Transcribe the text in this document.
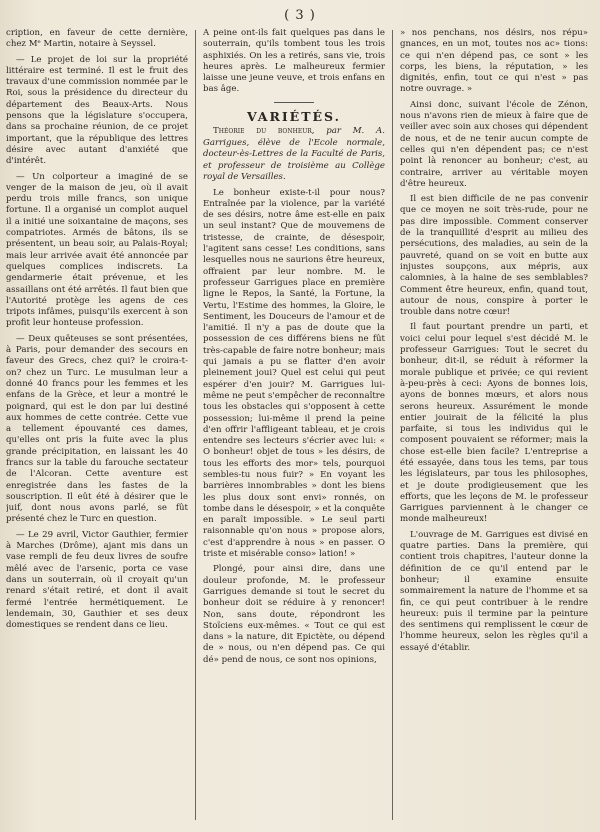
( 3 )

cription, en faveur de cette dernière, chez Mᵉ Martin, notaire à Seyssel.

— Le projet de loi sur la propriété littéraire est terminé. Il est le fruit des travaux d'une commission nommée par le Roi, sous la présidence du directeur du département des Beaux-Arts. Nous pensons que la législature s'occupera, dans sa prochaine réunion, de ce projet important, que la république des lettres désire avec autant d'anxiété que d'intérêt.

— Un colporteur a imaginé de se venger de la maison de jeu, où il avait perdu trois mille francs, son unique fortune. Il a organisé un complot auquel il a initié une soixantaine de maçons, ses compatriotes. Armés de bâtons, ils se présentent, un beau soir, au Palais-Royal; mais leur arrivée avait été annoncée par quelques complices indiscrets. La gendarmerie était prévenue, et les assaillans ont été arrêtés. Il faut bien que l'Autorité protège les agens de ces tripots infâmes, puisqu'ils exercent à son profit leur honteuse profession.

— Deux quêteuses se sont présentées, à Paris, pour demander des secours en faveur des Grecs, chez qui? le croira-t-on? chez un Turc. Le musulman leur a donné 40 francs pour les femmes et les enfans de la Grèce, et leur a montré le poignard, qui est le don par lui destiné aux hommes de cette contrée. Cette vue a tellement épouvanté ces dames, qu'elles ont pris la fuite avec la plus grande précipitation, en laissant les 40 francs sur la table du farouche sectateur de l'Alcoran. Cette aventure est enregistrée dans les fastes de la souscription. Il eût été à désirer que le juif, dont nous avons parlé, se fût présenté chez le Turc en question.

— Le 29 avril, Victor Gauthier, fermier à Marches (Drôme), ajant mis dans un vase rempli de feu deux livres de soufre mêlé avec de l'arsenic, porta ce vase dans un souterrain, où il croyait qu'un renard s'était retiré, et dont il avait fermé l'entrée hermétiquement. Le lendemain, 30, Gauthier et ses deux domestiques se rendent dans ce lieu.

A peine ont-ils fait quelques pas dans le souterrain, qu'ils tombent tous les trois asphixiés. On les a retirés, sans vie, trois heures après. Le malheureux fermier laisse une jeune veuve, et trois enfans en bas âge.

VARIÉTÉS.

Théorie du bonheur, par M. A. Garrigues, élève de l'Ecole normale, docteur-ès-Lettres de la Faculté de Paris, et professeur de troisième au Collège royal de Versailles.

Le bonheur existe-t-il pour nous? Entraînée par la violence, par la variété de ses désirs, notre âme est-elle en paix un seul instant? Que de mouvemens de tristesse, de crainte, de désespoir, l'agitent sans cesse! Les conditions, sans lesquelles nous ne saurions être heureux, offraient par leur nombre. M. le professeur Garrigues place en première ligne le Repos, la Santé, la Fortune, la Vertu, l'Estime des hommes, la Gloire, le Sentiment, les Douceurs de l'amour et de l'amitié. Il n'y a pas de doute que la possession de ces différens biens ne fût très-capable de faire notre bonheur; mais qui jamais a pu se flatter d'en avoir pleinement joui? Quel est celui qui peut espérer d'en jouir? M. Garrigues lui-même ne peut s'empêcher de reconnaître tous les obstacles qui s'opposent à cette possession; lui-même il prend la peine d'en offrir l'affligeant tableau, et je crois entendre ses lecteurs s'écrier avec lui: « O bonheur! objet de tous » les désirs, de tous les efforts des mor» tels, pourquoi sembles-tu nous fuir? » En voyant les barrières innombrables » dont les biens les plus doux sont envi» ronnés, on tombe dans le désespoir, » et la conquête en paraît impossible. » Le seul parti raisonnable qu'on nous » propose alors, c'est d'apprendre à nous » en passer. O triste et misérable conso» lation! »

Plongé, pour ainsi dire, dans une douleur profonde, M. le professeur Garrigues demande si tout le secret du bonheur doit se réduire à y renoncer! Non, sans doute, répondront les Stoïciens eux-mêmes. « Tout ce qui est dans » la nature, dit Epictète, ou dépend de » nous, ou n'en dépend pas. Ce qui dé» pend de nous, ce sont nos opinions,

» nos penchans, nos désirs, nos répu» gnances, en un mot, toutes nos ac» tions: ce qui n'en dépend pas, ce sont » les corps, les biens, la réputation, » les dignités, enfin, tout ce qui n'est » pas notre ouvrage. »

Ainsi donc, suivant l'école de Zénon, nous n'avons rien de mieux à faire que de veiller avec soin aux choses qui dépendent de nous, et de ne tenir aucun compte de celles qui n'en dépendent pas; ce n'est point là renoncer au bonheur; c'est, au contraire, arriver au véritable moyen d'être heureux.

Il est bien difficile de ne pas convenir que ce moyen ne soit très-rude, pour ne pas dire impossible. Comment conserver de la tranquillité d'esprit au milieu des persécutions, des maladies, au sein de la pauvreté, quand on se voit en butte aux injustes soupçons, aux mépris, aux calomnies, à la haine de ses semblables? Comment être heureux, enfin, quand tout, autour de nous, conspire à porter le trouble dans notre cœur!

Il faut pourtant prendre un parti, et voici celui pour lequel s'est décidé M. le professeur Garrigues: Tout le secret du bonheur, dit-il, se réduit à réformer la morale publique et privée; ce qui revient à-peu-près à ceci: Ayons de bonnes lois, ayons de bonnes mœurs, et alors nous serons heureux. Assurément le monde entier jouirait de la félicité la plus parfaite, si tous les individus qui le composent pouvaient se réformer; mais la chose est-elle bien facile? L'entreprise a été essayée, dans tous les tems, par tous les législateurs, par tous les philosophes, et je doute prodigieusement que les efforts, que les leçons de M. le professeur Garrigues parviennent à le changer ce monde malheureux!

L'ouvrage de M. Garrigues est divisé en quatre parties. Dans la première, qui contient trois chapitres, l'auteur donne la définition de ce qu'il entend par le bonheur; il examine ensuite sommairement la nature de l'homme et sa fin, ce qui peut contribuer à le rendre heureux: puis il termine par la peinture des sentimens qui remplissent le cœur de l'homme heureux, selon les règles qu'il a essayé d'établir.
